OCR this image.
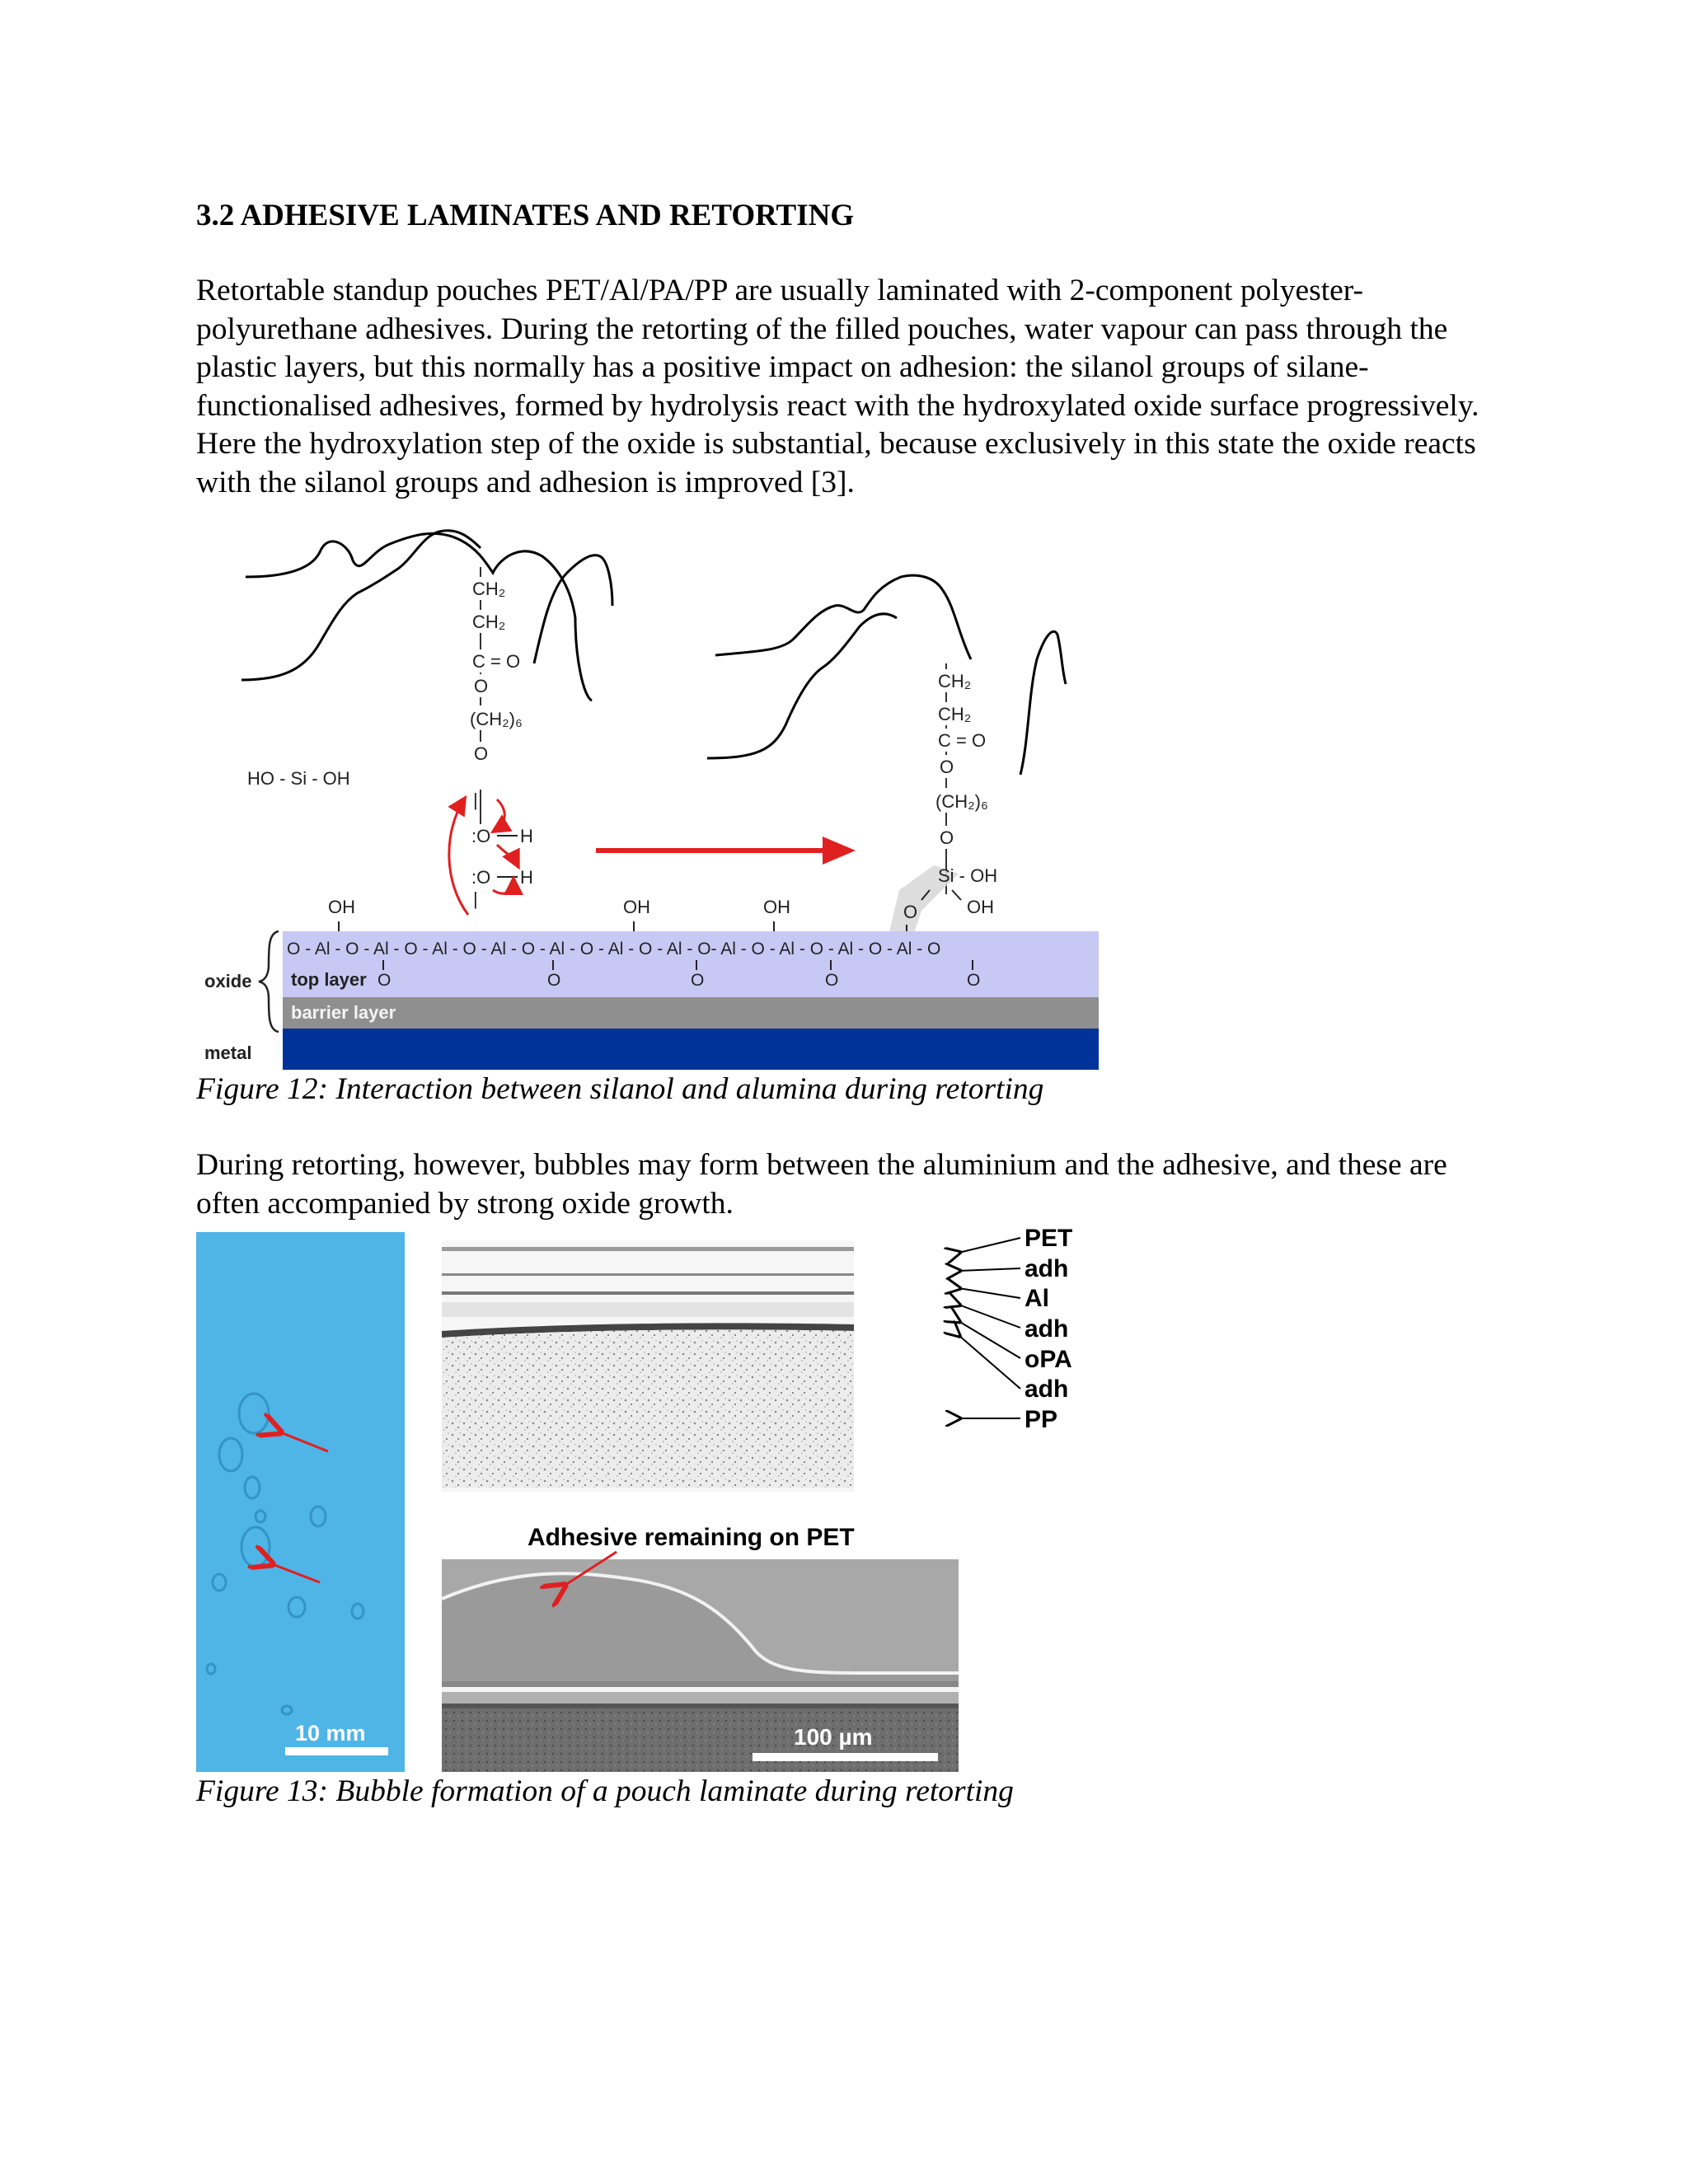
3.2 ADHESIVE LAMINATES AND RETORTING

Retortable standup pouches PET/Al/PA/PP are usually laminated with 2-component polyester-polyurethane adhesives. During the retorting of the filled pouches, water vapour can pass through the plastic layers, but this normally has a positive impact on adhesion: the silanol groups of silane-functionalised adhesives, formed by hydrolysis react with the hydroxylated oxide surface progressively. Here the hydroxylation step of the oxide is substantial, because exclusively in this state the oxide reacts with the silanol groups and adhesion is improved [3].

CH₂
CH₂
C = O
O
(CH₂)₆
O
HO - Si - OH
|
:O H
:O H
|
CH₂
CH₂
C = O
O
(CH₂)₆
O
Si - OH
OH
O
OH	OH	OH
O - Al - O - Al - O - Al - O - Al - O - Al - O - Al - O - Al - O- Al - O - Al - O - Al - O - Al - O
O	O	O	O	O
top layer
barrier layer
oxide
metal

Figure 12: Interaction between silanol and alumina during retorting

During retorting, however, bubbles may form between the aluminium and the adhesive, and these are often accompanied by strong oxide growth.

10 mm
PET
adh
Al
adh
oPA
adh
PP
Adhesive remaining on PET
100 µm

Figure 13: Bubble formation of a pouch laminate during retorting
